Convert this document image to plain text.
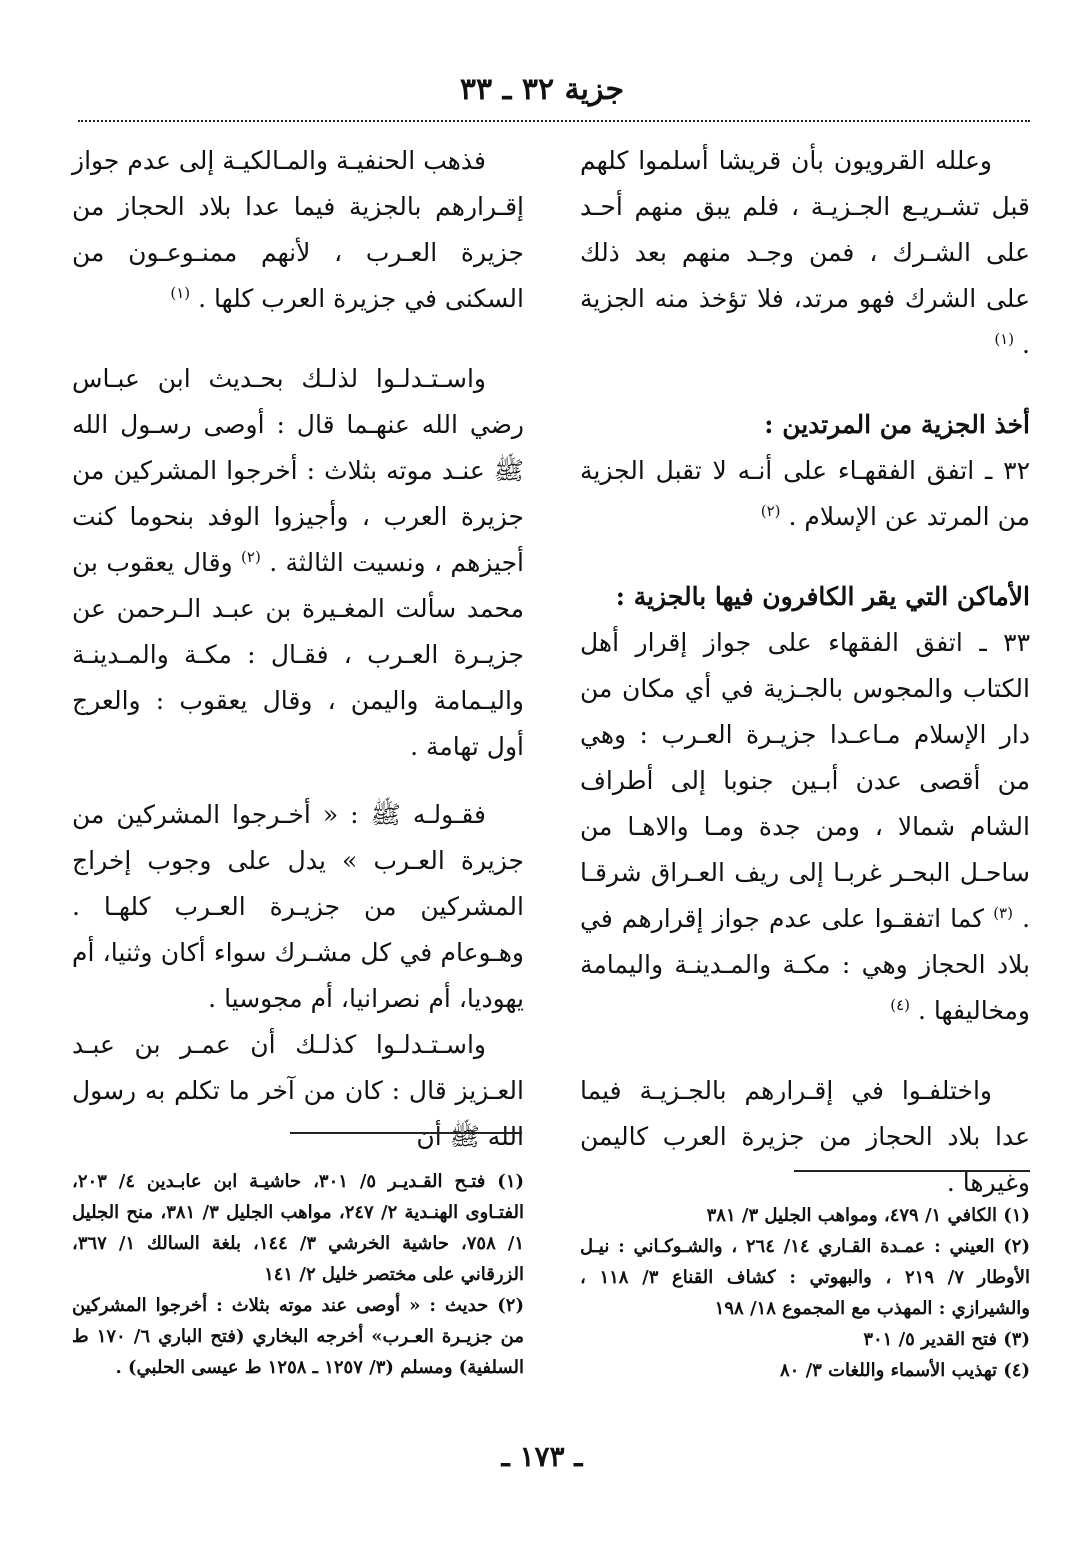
جزية ٣٢ ـ ٣٣

وعلله القرويون بأن قريشا أسلموا كلهم قبل تشـريـع الجـزيـة ، فلم يبق منهم أحـد على الشـرك ، فمن وجـد منهم بعد ذلك على الشرك فهو مرتد، فلا تؤخذ منه الجزية . $^{(١)}$

أخذ الجزية من المرتدين :

٣٢ ـ اتفق الفقهـاء على أنـه لا تقبل الجزية من المرتد عن الإسلام . $^{(٢)}$

الأماكن التي يقر الكافرون فيها بالجزية :

٣٣ ـ اتفق الفقهاء على جواز إقرار أهل الكتاب والمجوس بالجـزية في أي مكان من دار الإسلام مـاعـدا جزيـرة العـرب : وهي من أقصى عدن أبـين جنوبا إلى أطراف الشام شمالا ، ومن جدة ومـا والاهـا من ساحـل البحـر غربـا إلى ريف العـراق شرقـا . $^{(٣)}$ كما اتفقـوا على عدم جواز إقرارهم في بلاد الحجاز وهي : مكـة والمـدينـة واليمامة ومخاليفها . $^{(٤)}$

واختلفـوا في إقـرارهم بالجـزيـة فيما عدا بلاد الحجاز من جزيرة العرب كاليمن وغيرها .

فذهب الحنفيـة والمـالكيـة إلى عدم جواز إقـرارهم بالجزية فيما عدا بلاد الحجاز من جزيرة العـرب ، لأنهم ممنـوعـون من السكنى في جزيرة العرب كلها . $^{(١)}$

واسـتـدلـوا لذلـك بحـديث ابن عبـاس رضي الله عنهـما قال : أوصى رسـول الله ﷺ عنـد موته بثلاث : أخرجوا المشركين من جزيرة العرب ، وأجيزوا الوفد بنحوما كنت أجيزهم ، ونسيت الثالثة . $^{(٢)}$ وقال يعقوب بن محمد سألت المغـيرة بن عبـد الـرحمن عن جزيـرة العـرب ، فقـال : مكـة والمـدينـة واليـمامة واليمن ، وقال يعقوب : والعرج أول تهامة .

فقـولـه ﷺ : « أخـرجوا المشركين من جزيرة العـرب » يدل على وجوب إخراج المشركين من جزيـرة العـرب كلهـا . وهـوعام في كل مشـرك سواء أكان وثنيا، أم يهوديا، أم نصرانيا، أم مجوسيا .

واسـتـدلـوا كذلـك أن عمـر بن عبـد العـزيز قال : كان من آخر ما تكلم به رسول الله ﷺ أن

(١) الكافي ١/ ٤٧٩، ومواهب الجليل ٣/ ٣٨١

(٢) العيني : عمـدة القـاري ١٤/ ٢٦٤ ، والشـوكـاني : نيـل الأوطار ٧/ ٢١٩ ، والبهوتي : كشاف القناع ٣/ ١١٨ ، والشيرازي : المهذب مع المجموع ١٨/ ١٩٨

(٣) فتح القدير ٥/ ٣٠١

(٤) تهذيب الأسماء واللغات ٣/ ٨٠

(١) فتـح القـديـر ٥/ ٣٠١، حاشيـة ابن عابـدين ٤/ ٢٠٣، الفتـاوى الهنـدية ٢/ ٢٤٧، مواهب الجليل ٣/ ٣٨١، منح الجليل ١/ ٧٥٨، حاشية الخرشي ٣/ ١٤٤، بلغة السالك ١/ ٣٦٧، الزرقاني على مختصر خليل ٢/ ١٤١

(٢) حديث : « أوصى عند موته بثلاث : أخرجوا المشركين من جزيـرة العـرب» أخرجه البخاري (فتح الباري ٦/ ١٧٠ ط السلفية) ومسلم (٣/ ١٢٥٧ ـ ١٢٥٨ ط عيسى الحلبي) .

ـ ١٧٣ ـ
